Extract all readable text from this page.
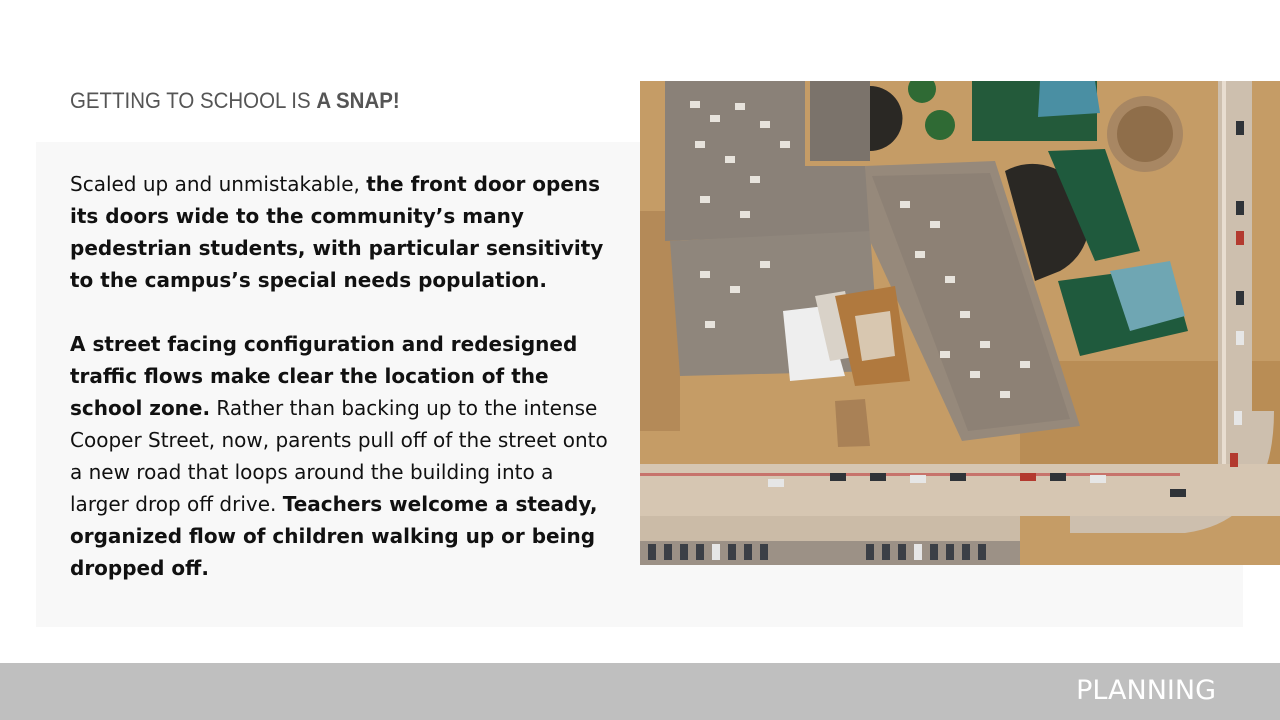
GETTING TO SCHOOL IS A SNAP!

Scaled up and unmistakable, the front door opens its doors wide to the community’s many pedestrian students, with particular sensitivity to the campus’s special needs population.

A street facing configuration and redesigned traffic flows make clear the location of the school zone. Rather than backing up to the intense Cooper Street, now, parents pull off of the street onto a new road that loops around the building into a larger drop off drive. Teachers welcome a steady, organized flow of children walking up or being dropped off.

PLANNING
